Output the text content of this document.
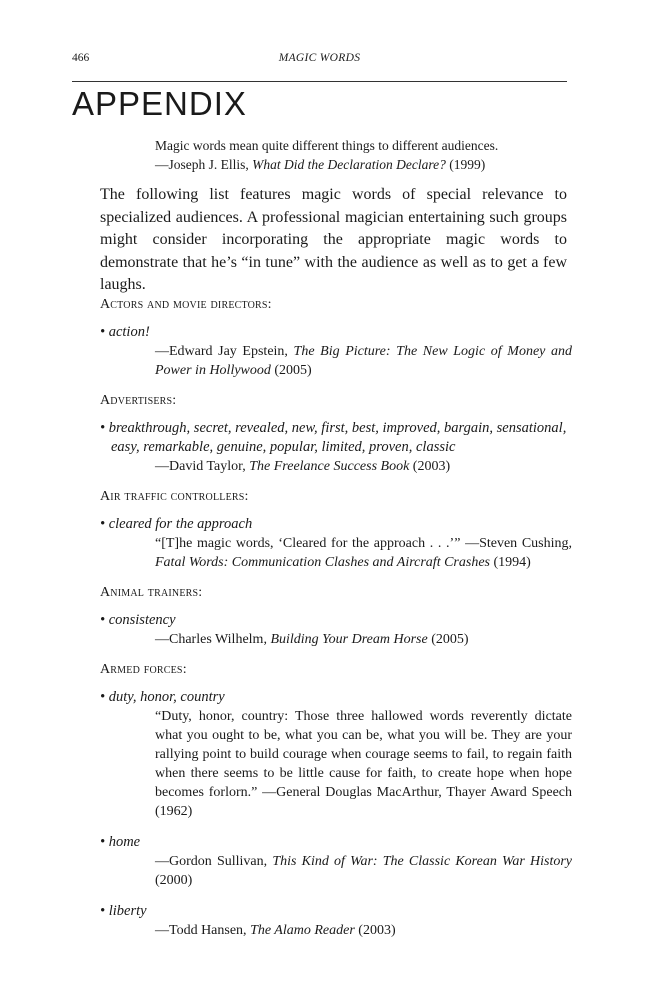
466	MAGIC WORDS
APPENDIX
Magic words mean quite different things to different audiences.
—Joseph J. Ellis, What Did the Declaration Declare? (1999)

The following list features magic words of special relevance to specialized audiences. A professional magician entertaining such groups might consider incorporating the appropriate magic words to demonstrate that he’s “in tune” with the audience as well as to get a few laughs.

Actors and movie directors:
• action!
—Edward Jay Epstein, The Big Picture: The New Logic of Money and Power in Hollywood (2005)
Advertisers:
• breakthrough, secret, revealed, new, first, best, improved, bargain, sensational, easy, remarkable, genuine, popular, limited, proven, classic
—David Taylor, The Freelance Success Book (2003)
Air traffic controllers:
• cleared for the approach
“[T]he magic words, ‘Cleared for the approach . . .’” —Steven Cushing, Fatal Words: Communication Clashes and Aircraft Crashes (1994)
Animal trainers:
• consistency
—Charles Wilhelm, Building Your Dream Horse (2005)
Armed forces:
• duty, honor, country
“Duty, honor, country: Those three hallowed words reverently dictate what you ought to be, what you can be, what you will be. They are your rallying point to build courage when courage seems to fail, to regain faith when there seems to be little cause for faith, to create hope when hope becomes forlorn.” —General Douglas MacArthur, Thayer Award Speech (1962)
• home
—Gordon Sullivan, This Kind of War: The Classic Korean War History (2000)
• liberty
—Todd Hansen, The Alamo Reader (2003)
